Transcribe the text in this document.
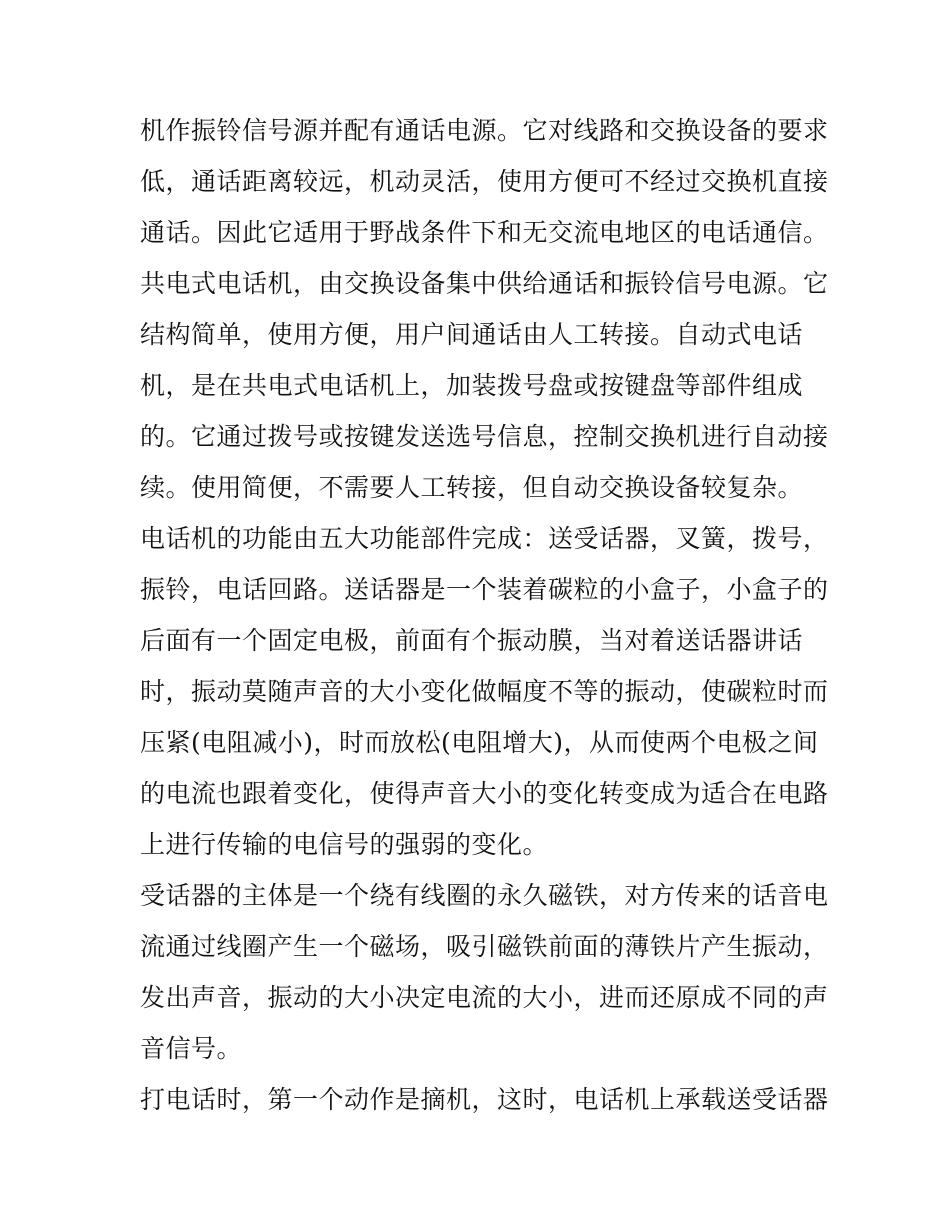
机作振铃信号源并配有通话电源。它对线路和交换设备的要求
低，通话距离较远，机动灵活，使用方便可不经过交换机直接
通话。因此它适用于野战条件下和无交流电地区的电话通信。
共电式电话机，由交换设备集中供给通话和振铃信号电源。它
结构简单，使用方便，用户间通话由人工转接。自动式电话
机，是在共电式电话机上，加装拨号盘或按键盘等部件组成
的。它通过拨号或按键发送选号信息，控制交换机进行自动接
续。使用简便，不需要人工转接，但自动交换设备较复杂。
电话机的功能由五大功能部件完成：送受话器，叉簧，拨号，
振铃，电话回路。送话器是一个装着碳粒的小盒子，小盒子的
后面有一个固定电极，前面有个振动膜，当对着送话器讲话
时，振动莫随声音的大小变化做幅度不等的振动，使碳粒时而
压紧(电阻减小)，时而放松(电阻增大)，从而使两个电极之间
的电流也跟着变化，使得声音大小的变化转变成为适合在电路
上进行传输的电信号的强弱的变化。
受话器的主体是一个绕有线圈的永久磁铁，对方传来的话音电
流通过线圈产生一个磁场，吸引磁铁前面的薄铁片产生振动，
发出声音，振动的大小决定电流的大小，进而还原成不同的声
音信号。
打电话时，第一个动作是摘机，这时，电话机上承载送受话器
